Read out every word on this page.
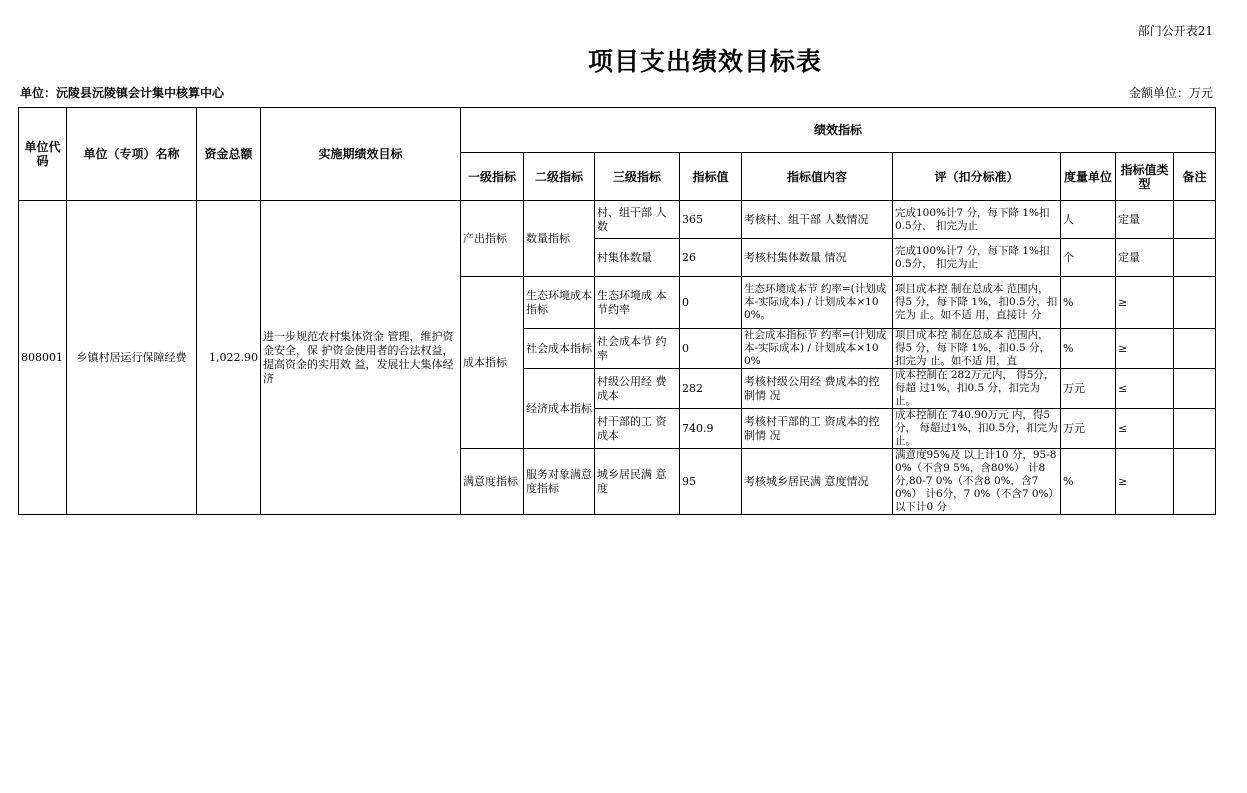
部门公开表21
项目支出绩效目标表
单位：沅陵县沅陵镇会计集中核算中心	金额单位：万元
单位代码	单位（专项）名称	资金总额	实施期绩效目标	绩效指标								
				一级指标	二级指标	三级指标	指标值	指标值内容	评（扣分标准）	度量单位	指标值类型	备注
808001	乡镇村居运行保障经费	1,022.90	进一步规范农村集体资金 管理，维护资金安全，保 护资金使用者的合法权益，提高资金的实用效 益，发展壮大集体经济	产出指标	数量指标	村、组干部 人数	365	考核村、组干部 人数情况	完成100%计7 分，每下降 1%扣0.5分， 扣完为止	人	定量	
						村集体数量	26	考核村集体数量 情况	完成100%计7 分，每下降 1%扣0.5分， 扣完为止	个	定量	
				成本指标	生态环境成本指标	生态环境成 本节约率	0	生态环境成本节 约率=(计划成 本-实际成本) / 计划成本×10 0%。	项目成本控 制在总成本 范围内，得5 分，每下降 1%，扣0.5分，扣完为 止。如不适 用，直接计 分	%	≥	
					社会成本指标	社会成本节 约率	0	社会成本指标节 约率=(计划成 本-实际成本) / 计划成本×100%	项目成本控 制在总成本 范围内，得5 分，每下降 1%，扣0.5 分，扣完为 止。如不适 用，直	%	≥	
					经济成本指标	村级公用经 费成本	282	考核村级公用经 费成本的控制情 况	成本控制在 282万元内， 得5分，每超 过1%，扣0.5 分，扣完为 止。	万元	≤	
						村干部的工 资成本	740.9	考核村干部的工 资成本的控制情 况	成本控制在 740.90万元 内，得5分， 每超过1%，扣0.5分，扣完为止。	万元	≤	
				满意度指标	服务对象满意度指标	城乡居民满 意度	95	考核城乡居民满 意度情况	满意度95%及 以上计10 分，95-80%（不含9 5%，含80%） 计8分,80-7 0%（不含8 0%，含70%） 计6分，7 0%（不含7 0%）以下计0 分	%	≥	
